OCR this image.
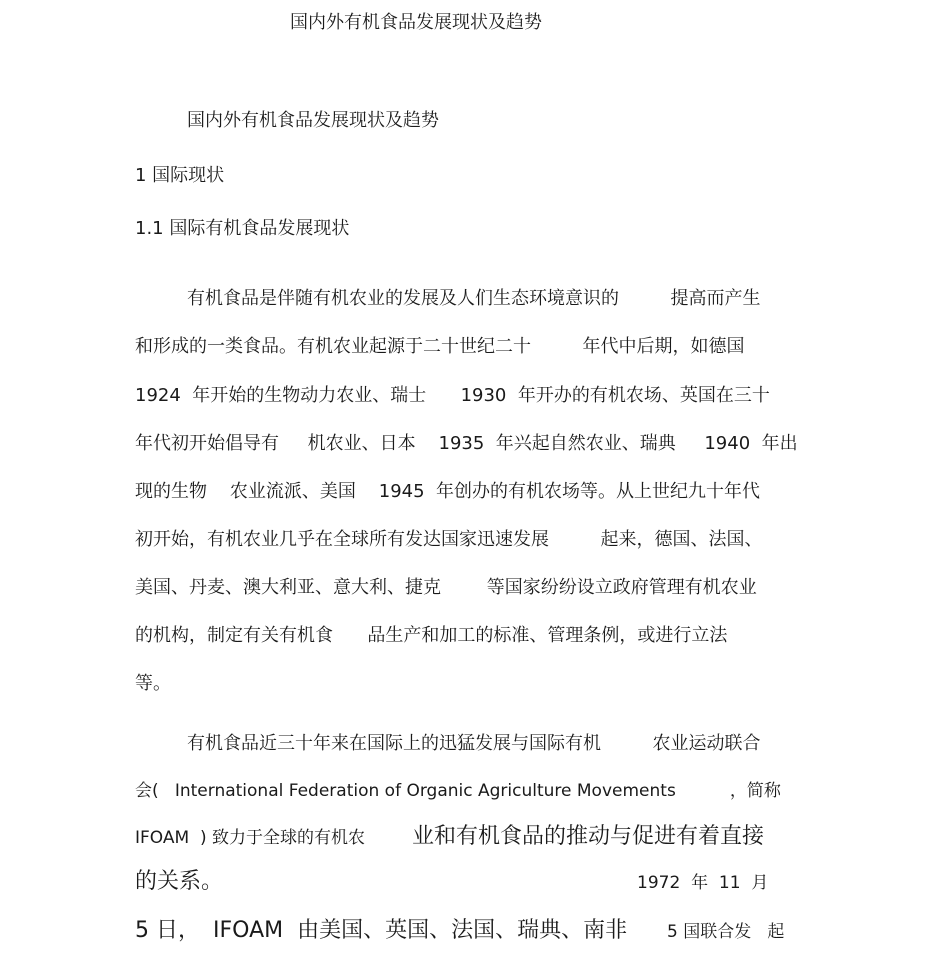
国内外有机食品发展现状及趋势
国内外有机食品发展现状及趋势
1 国际现状
1.1 国际有机食品发展现状
有机食品是伴随有机农业的发展及人们生态环境意识的         提高而产生
和形成的一类食品。有机农业起源于二十世纪二十         年代中后期，如德国
1924  年开始的生物动力农业、瑞士      1930  年开办的有机农场、英国在三十
年代初开始倡导有     机农业、日本    1935  年兴起自然农业、瑞典     1940  年出
现的生物    农业流派、美国    1945  年创办的有机农场等。从上世纪九十年代
初开始，有机农业几乎在全球所有发达国家迅速发展         起来，德国、法国、
美国、丹麦、澳大利亚、意大利、捷克        等国家纷纷设立政府管理有机农业
的机构，制定有关有机食      品生产和加工的标准、管理条例，或进行立法
等。
有机食品近三十年来在国际上的迅猛发展与国际有机         农业运动联合
会(   International Federation of Organic Agriculture Movements          ，简称
IFOAM  ) 致力于全球的有机农 业和有机食品的推动与促进有着直接
的关系。	1972  年  11  月
5 日， IFOAM  由美国、英国、法国、瑞典、南非 5 国联合发   起
